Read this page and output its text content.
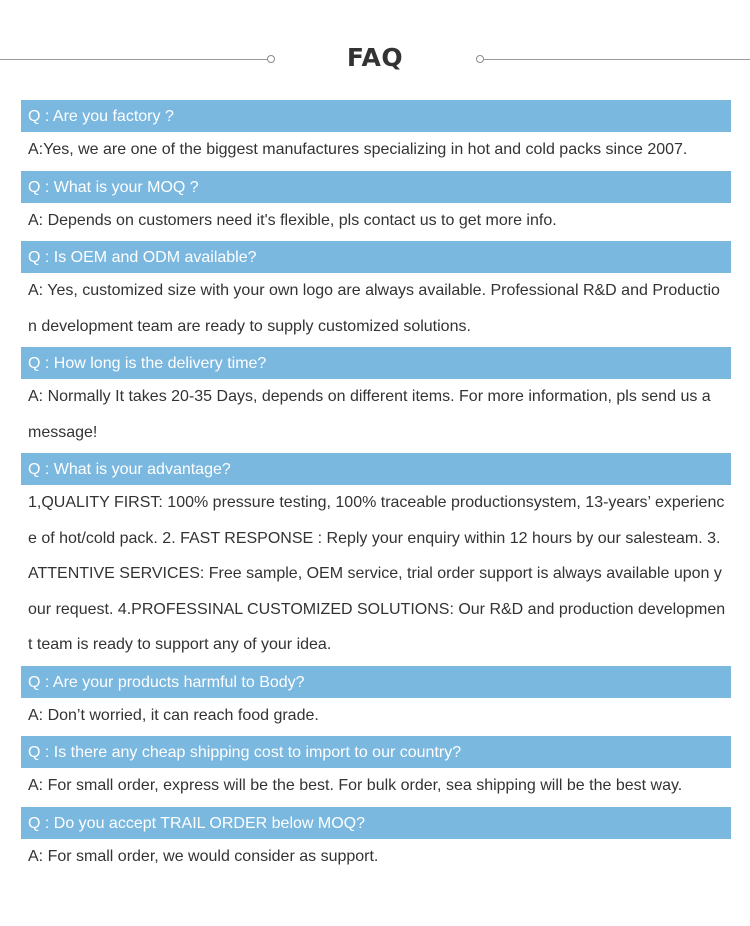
FAQ
Q : Are you factory ?
A:Yes, we are one of the biggest manufactures specializing in hot and cold packs since 2007.
Q : What is your MOQ ?
A: Depends on customers need it's flexible, pls contact us to get more info.
Q : Is OEM and ODM available?
A: Yes, customized size with your own logo are always available. Professional R&D and Production development team are ready to supply customized solutions.
Q : How long is the delivery time?
A: Normally It takes 20-35 Days, depends on different items. For more information, pls send us a message!
Q : What is your advantage?
1,QUALITY FIRST: 100% pressure testing, 100% traceable productionsystem, 13-years’ experience of hot/cold pack. 2. FAST RESPONSE : Reply your enquiry within 12 hours by our salesteam. 3.ATTENTIVE SERVICES: Free sample, OEM service, trial order support is always available upon your request. 4.PROFESSINAL CUSTOMIZED SOLUTIONS: Our R&D and production development team is ready to support any of your idea.
Q : Are your products harmful to Body?
A: Don’t worried, it can reach food grade.
Q : Is there any cheap shipping cost to import to our country?
A: For small order, express will be the best. For bulk order, sea shipping will be the best way.
Q : Do you accept TRAIL ORDER below MOQ?
A: For small order, we would consider as support.
